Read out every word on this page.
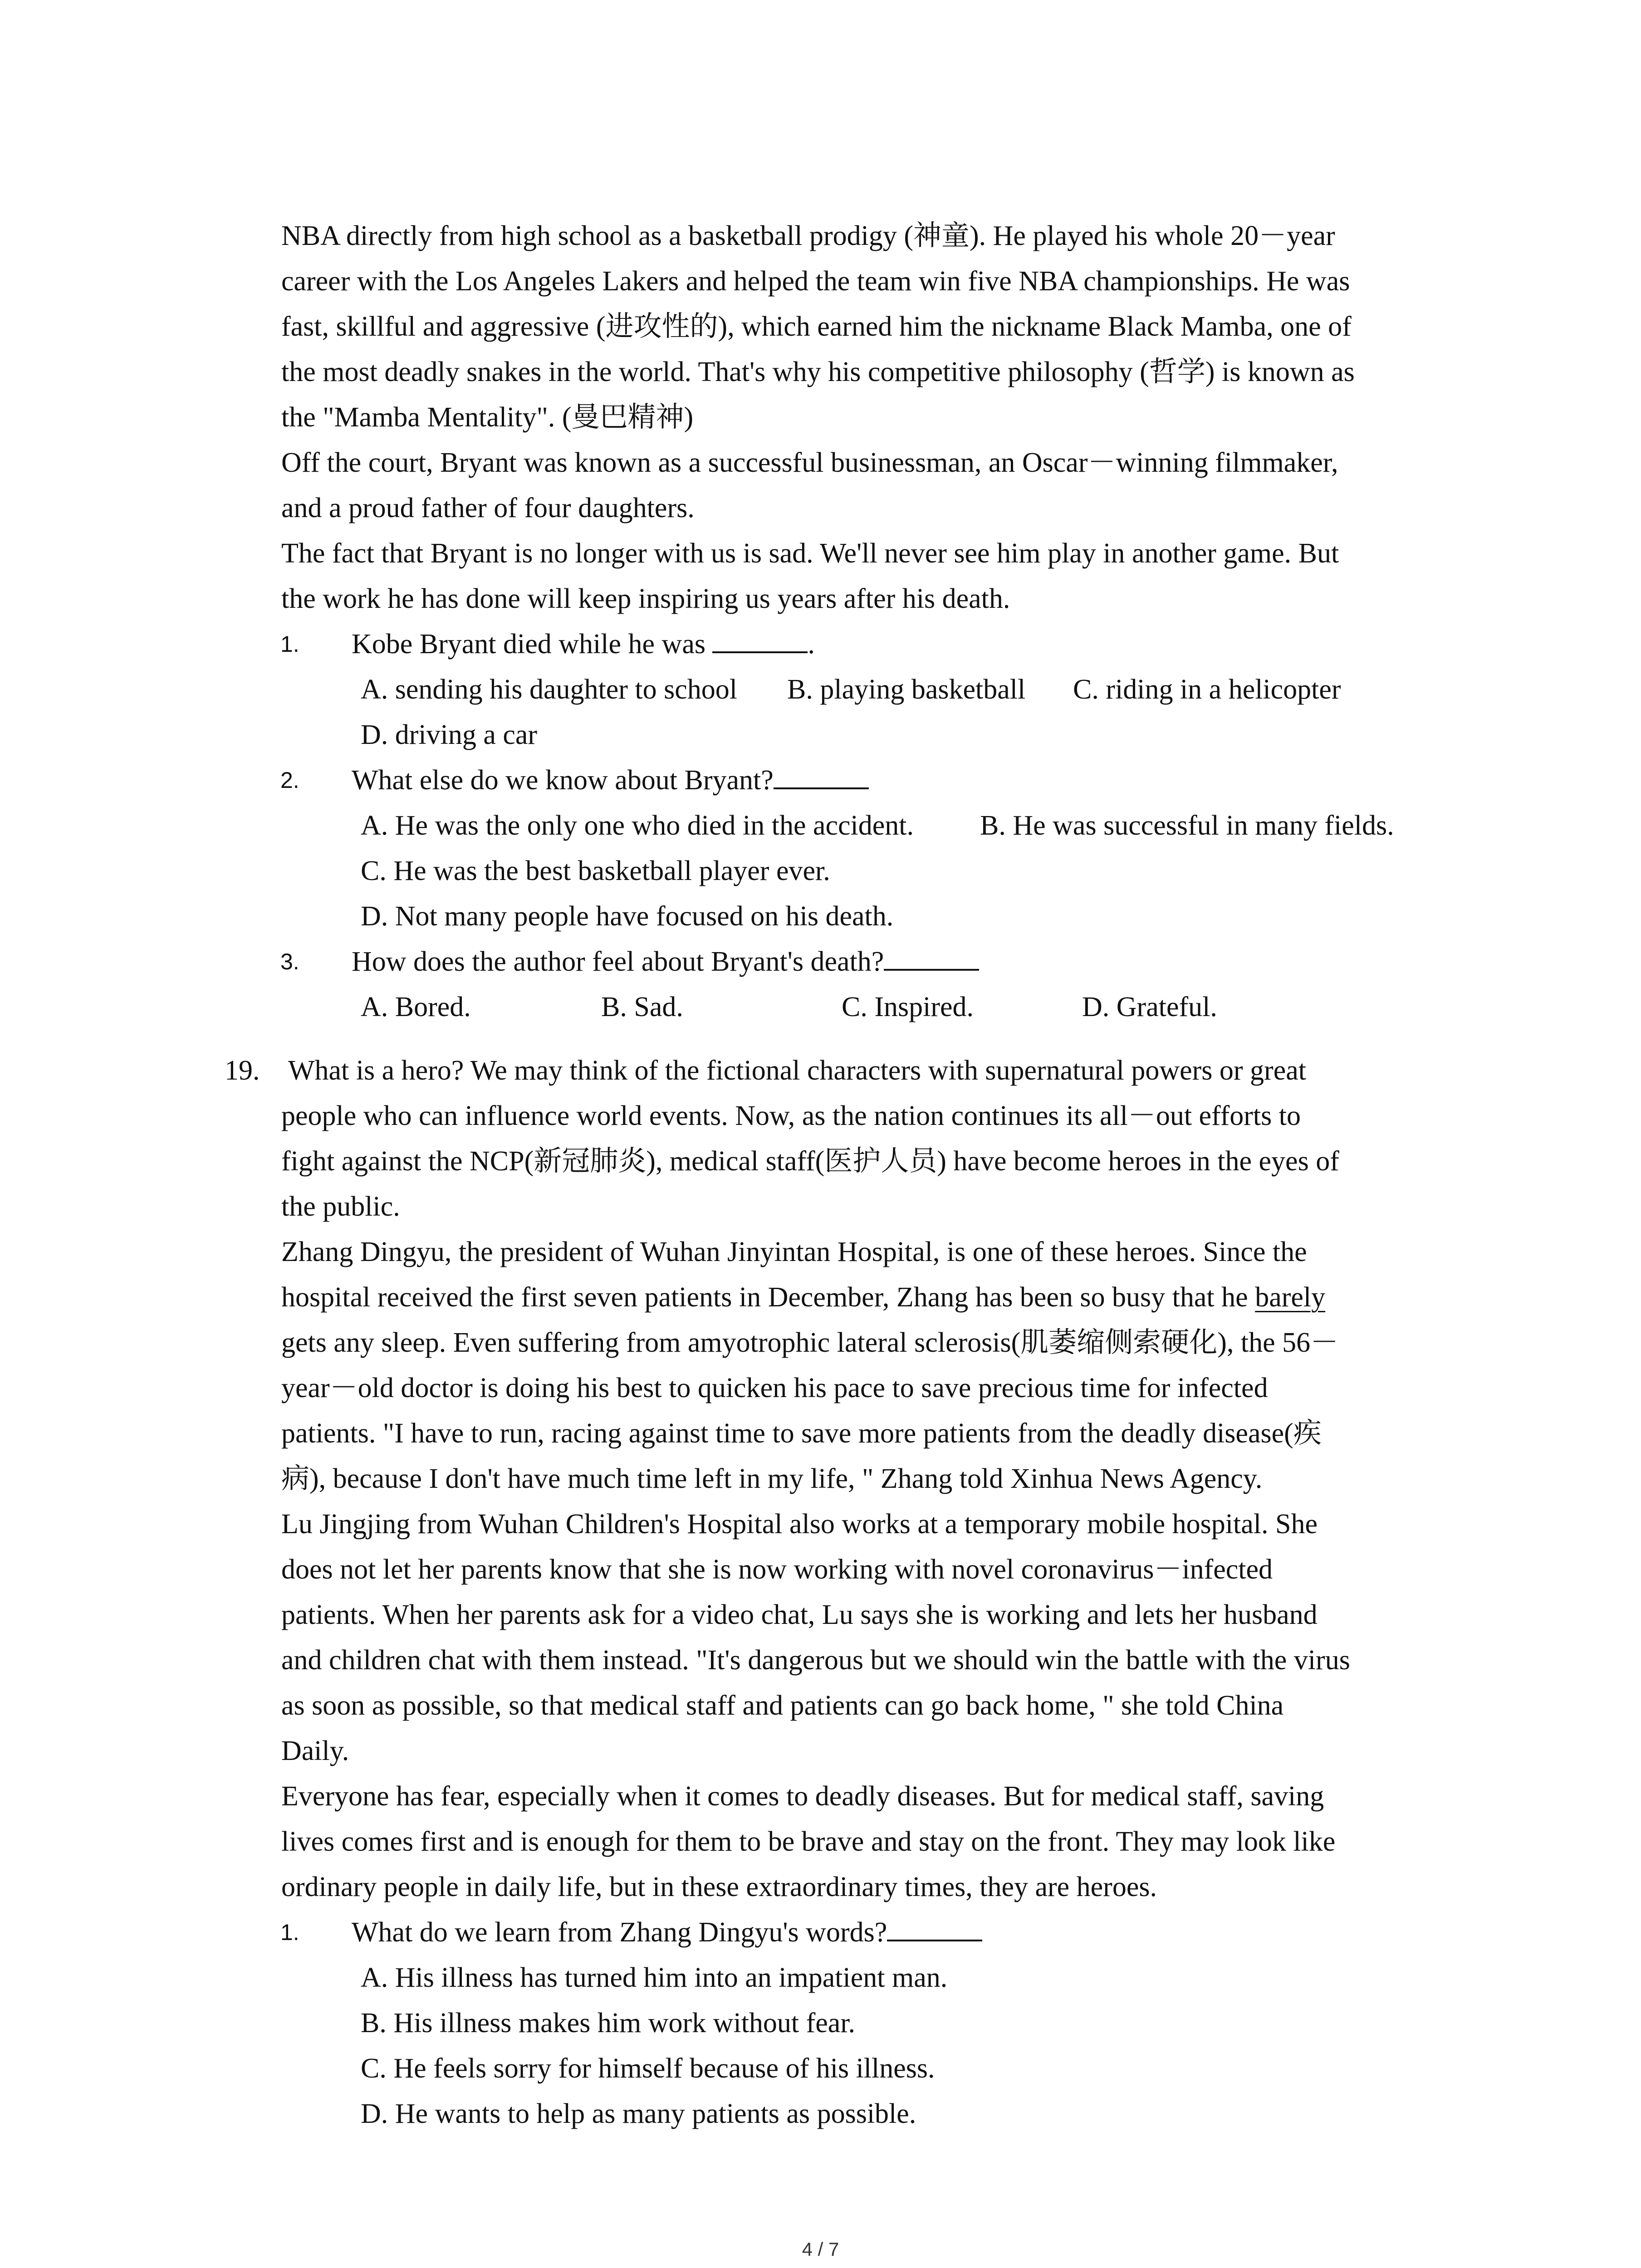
NBA directly from high school as a basketball prodigy (神童). He played his whole 20－year
career with the Los Angeles Lakers and helped the team win five NBA championships. He was
fast, skillful and aggressive (进攻性的), which earned him the nickname Black Mamba, one of
the most deadly snakes in the world. That's why his competitive philosophy (哲学) is known as
the "Mamba Mentality". (曼巴精神)
Off the court, Bryant was known as a successful businessman, an Oscar－winning filmmaker,
and a proud father of four daughters.
The fact that Bryant is no longer with us is sad. We'll never see him play in another game. But
the work he has done will keep inspiring us years after his death.
1. Kobe Bryant died while he was	.
A. sending his daughter to school B. playing basketball C. riding in a helicopter
D. driving a car
2. What else do we know about Bryant?
A. He was the only one who died in the accident. B. He was successful in many fields.
C. He was the best basketball player ever.
D. Not many people have focused on his death.
3. How does the author feel about Bryant's death?
A. Bored.	B. Sad.	C. Inspired.	D. Grateful.
19. What is a hero? We may think of the fictional characters with supernatural powers or great
people who can influence world events. Now, as the nation continues its all－out efforts to
fight against the NCP(新冠肺炎), medical staff(医护人员) have become heroes in the eyes of
the public.
Zhang Dingyu, the president of Wuhan Jinyintan Hospital, is one of these heroes. Since the
hospital received the first seven patients in December, Zhang has been so busy that he barely
gets any sleep. Even suffering from amyotrophic lateral sclerosis(肌萎缩侧索硬化), the 56－
year－old doctor is doing his best to quicken his pace to save precious time for infected
patients. "I have to run, racing against time to save more patients from the deadly disease(疾
病), because I don't have much time left in my life, " Zhang told Xinhua News Agency.
Lu Jingjing from Wuhan Children's Hospital also works at a temporary mobile hospital. She
does not let her parents know that she is now working with novel coronavirus－infected
patients. When her parents ask for a video chat, Lu says she is working and lets her husband
and children chat with them instead. "It's dangerous but we should win the battle with the virus
as soon as possible, so that medical staff and patients can go back home, " she told China
Daily.
Everyone has fear, especially when it comes to deadly diseases. But for medical staff, saving
lives comes first and is enough for them to be brave and stay on the front. They may look like
ordinary people in daily life, but in these extraordinary times, they are heroes.
1. What do we learn from Zhang Dingyu's words?
A. His illness has turned him into an impatient man.
B. His illness makes him work without fear.
C. He feels sorry for himself because of his illness.
D. He wants to help as many patients as possible.
4 / 7
